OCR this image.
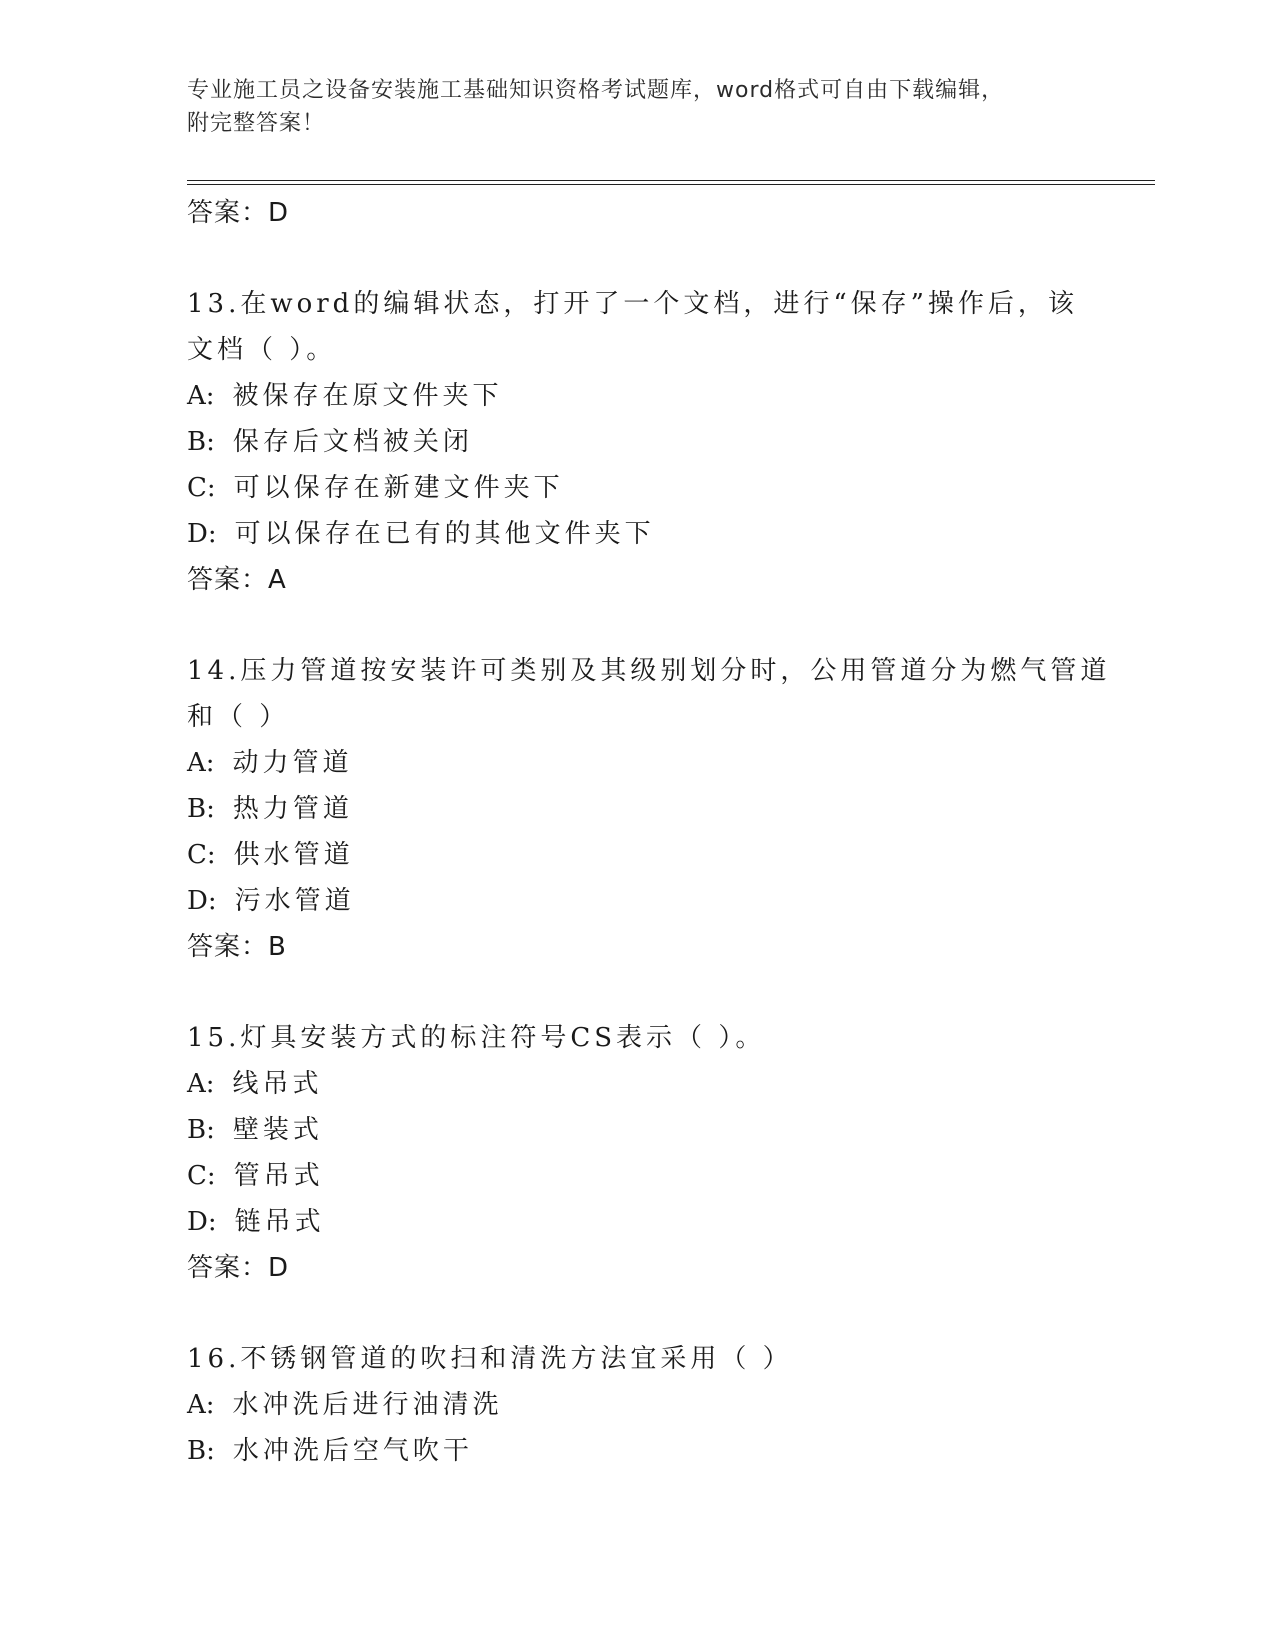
专业施工员之设备安装施工基础知识资格考试题库，word格式可自由下载编辑，
附完整答案！
答案：D
13.在word的编辑状态，打开了一个文档，进行“保存”操作后，该
文档（ ）。
A: 被保存在原文件夹下
B: 保存后文档被关闭
C: 可以保存在新建文件夹下
D: 可以保存在已有的其他文件夹下
答案：A
14.压力管道按安装许可类别及其级别划分时，公用管道分为燃气管道
和（ ）
A: 动力管道
B: 热力管道
C: 供水管道
D: 污水管道
答案：B
15.灯具安装方式的标注符号CS表示（ ）。
A: 线吊式
B: 壁装式
C: 管吊式
D: 链吊式
答案：D
16.不锈钢管道的吹扫和清洗方法宜采用（ ）
A: 水冲洗后进行油清洗
B: 水冲洗后空气吹干
